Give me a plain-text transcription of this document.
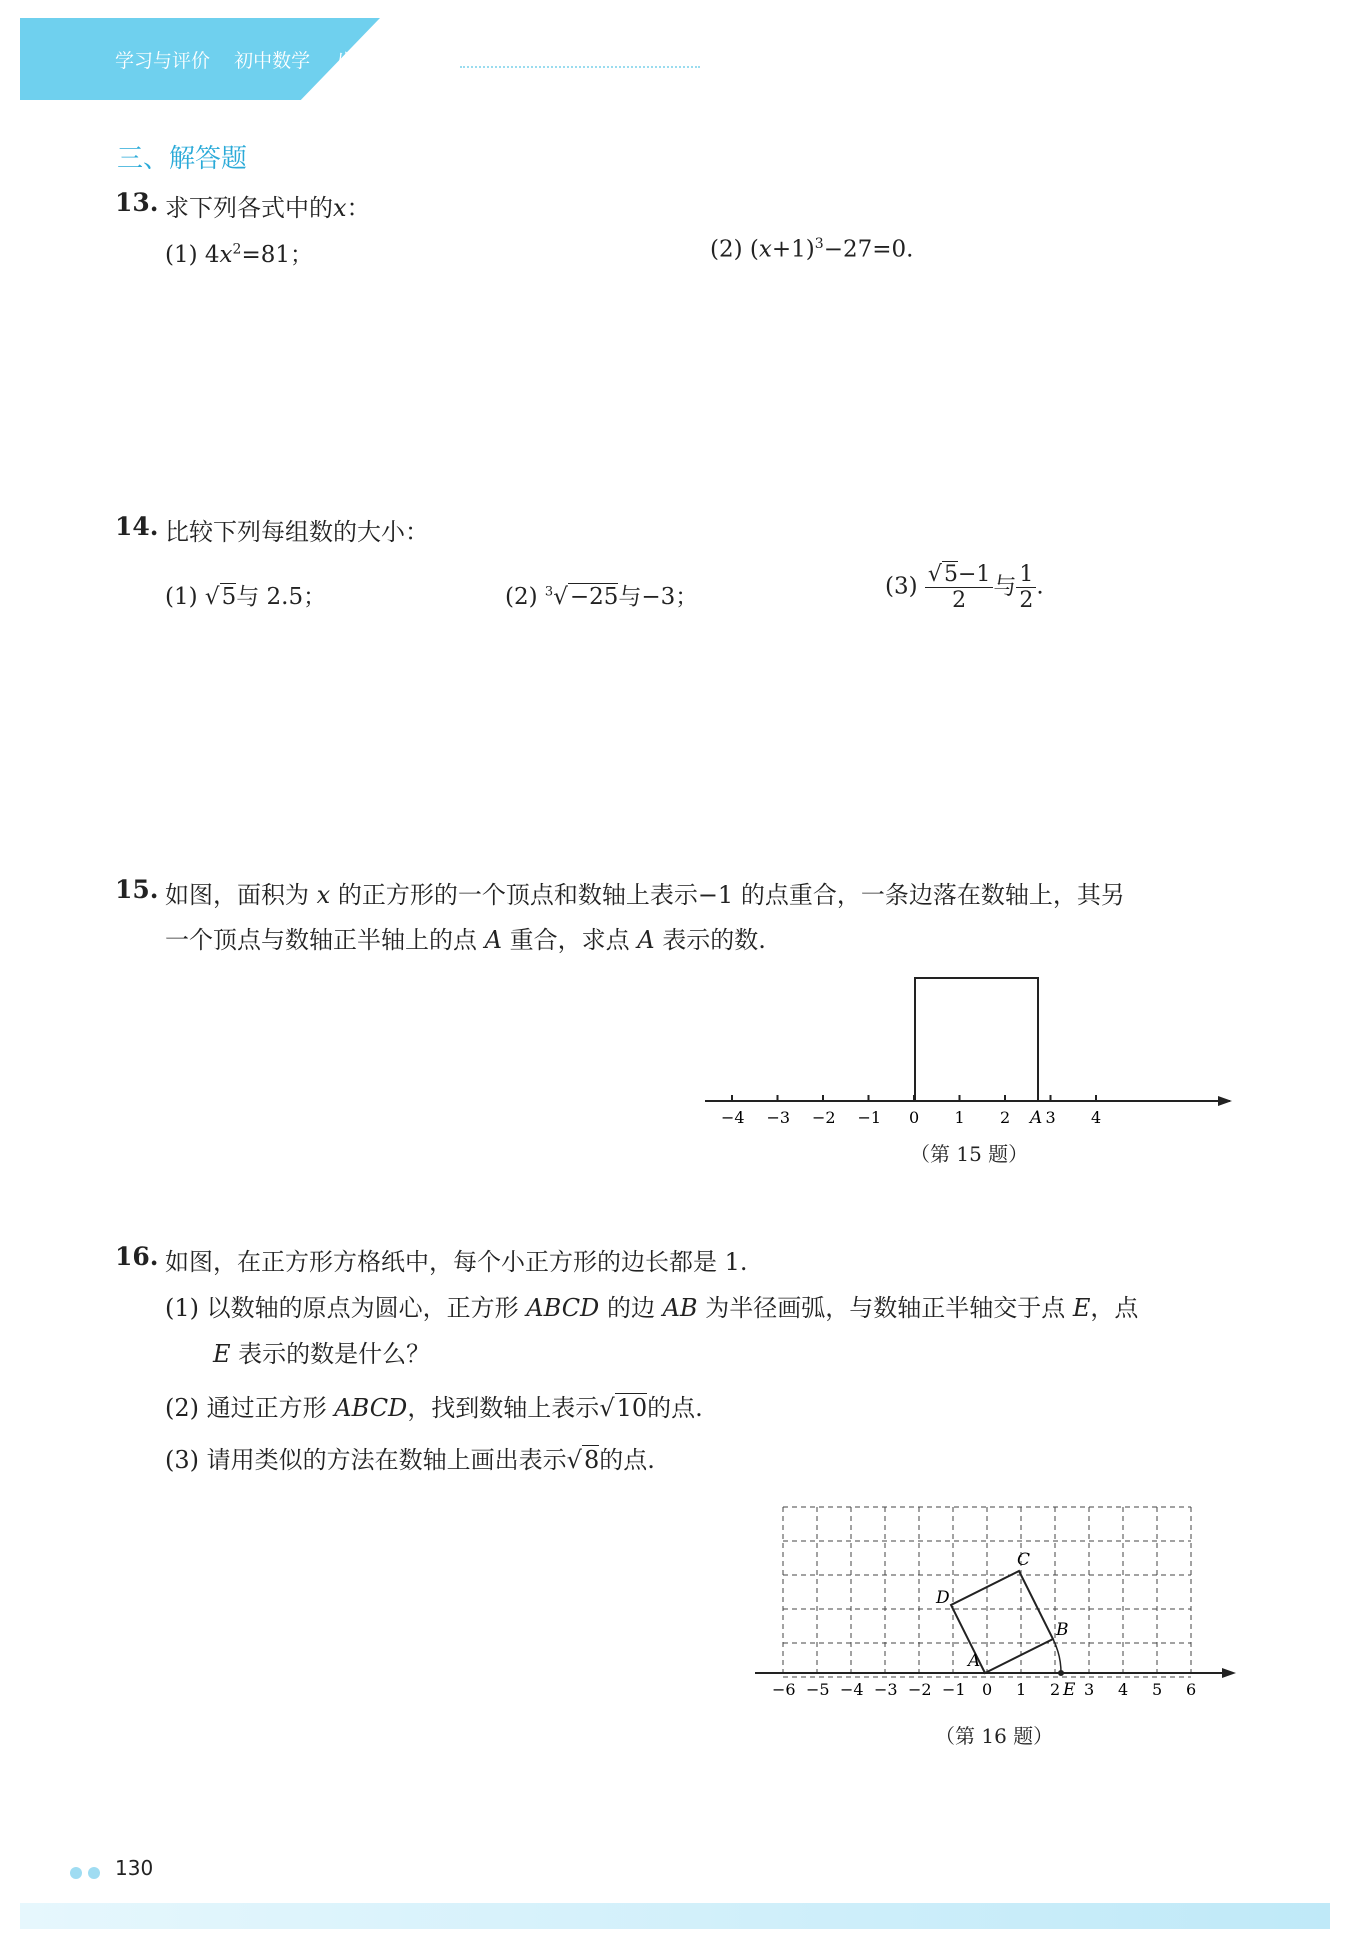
学习与评价 初中数学 八年级上册
三、解答题
13. 求下列各式中的x：
(1) $4x^2=81$；	(2) $(x+1)^3-27=0$.
14. 比较下列每组数的大小：
(1) √5与 2.5；	(2) $^3$√−25与−3；	$(3) \frac{√5-1}{2}$ 与 $\frac{1}{2}$ .
15. 如图，面积为 x 的正方形的一个顶点和数轴上表示−1 的点重合，一条边落在数轴上，其另
一个顶点与数轴正半轴上的点 A 重合，求点 A 表示的数.
−4 −3 −2 −1 0 1 2 3 4
A
（第 15 题）
16. 如图，在正方形方格纸中，每个小正方形的边长都是 1.
(1) 以数轴的原点为圆心，正方形 ABCD 的边 AB 为半径画弧，与数轴正半轴交于点 E，点
E 表示的数是什么？
(2) 通过正方形 ABCD，找到数轴上表示√10的点.
(3) 请用类似的方法在数轴上画出表示√8的点.
A
B
C
D
−6 −5 −4 −3 −2 −1 0 1 2 3 4 5 6
E
（第 16 题）
130
